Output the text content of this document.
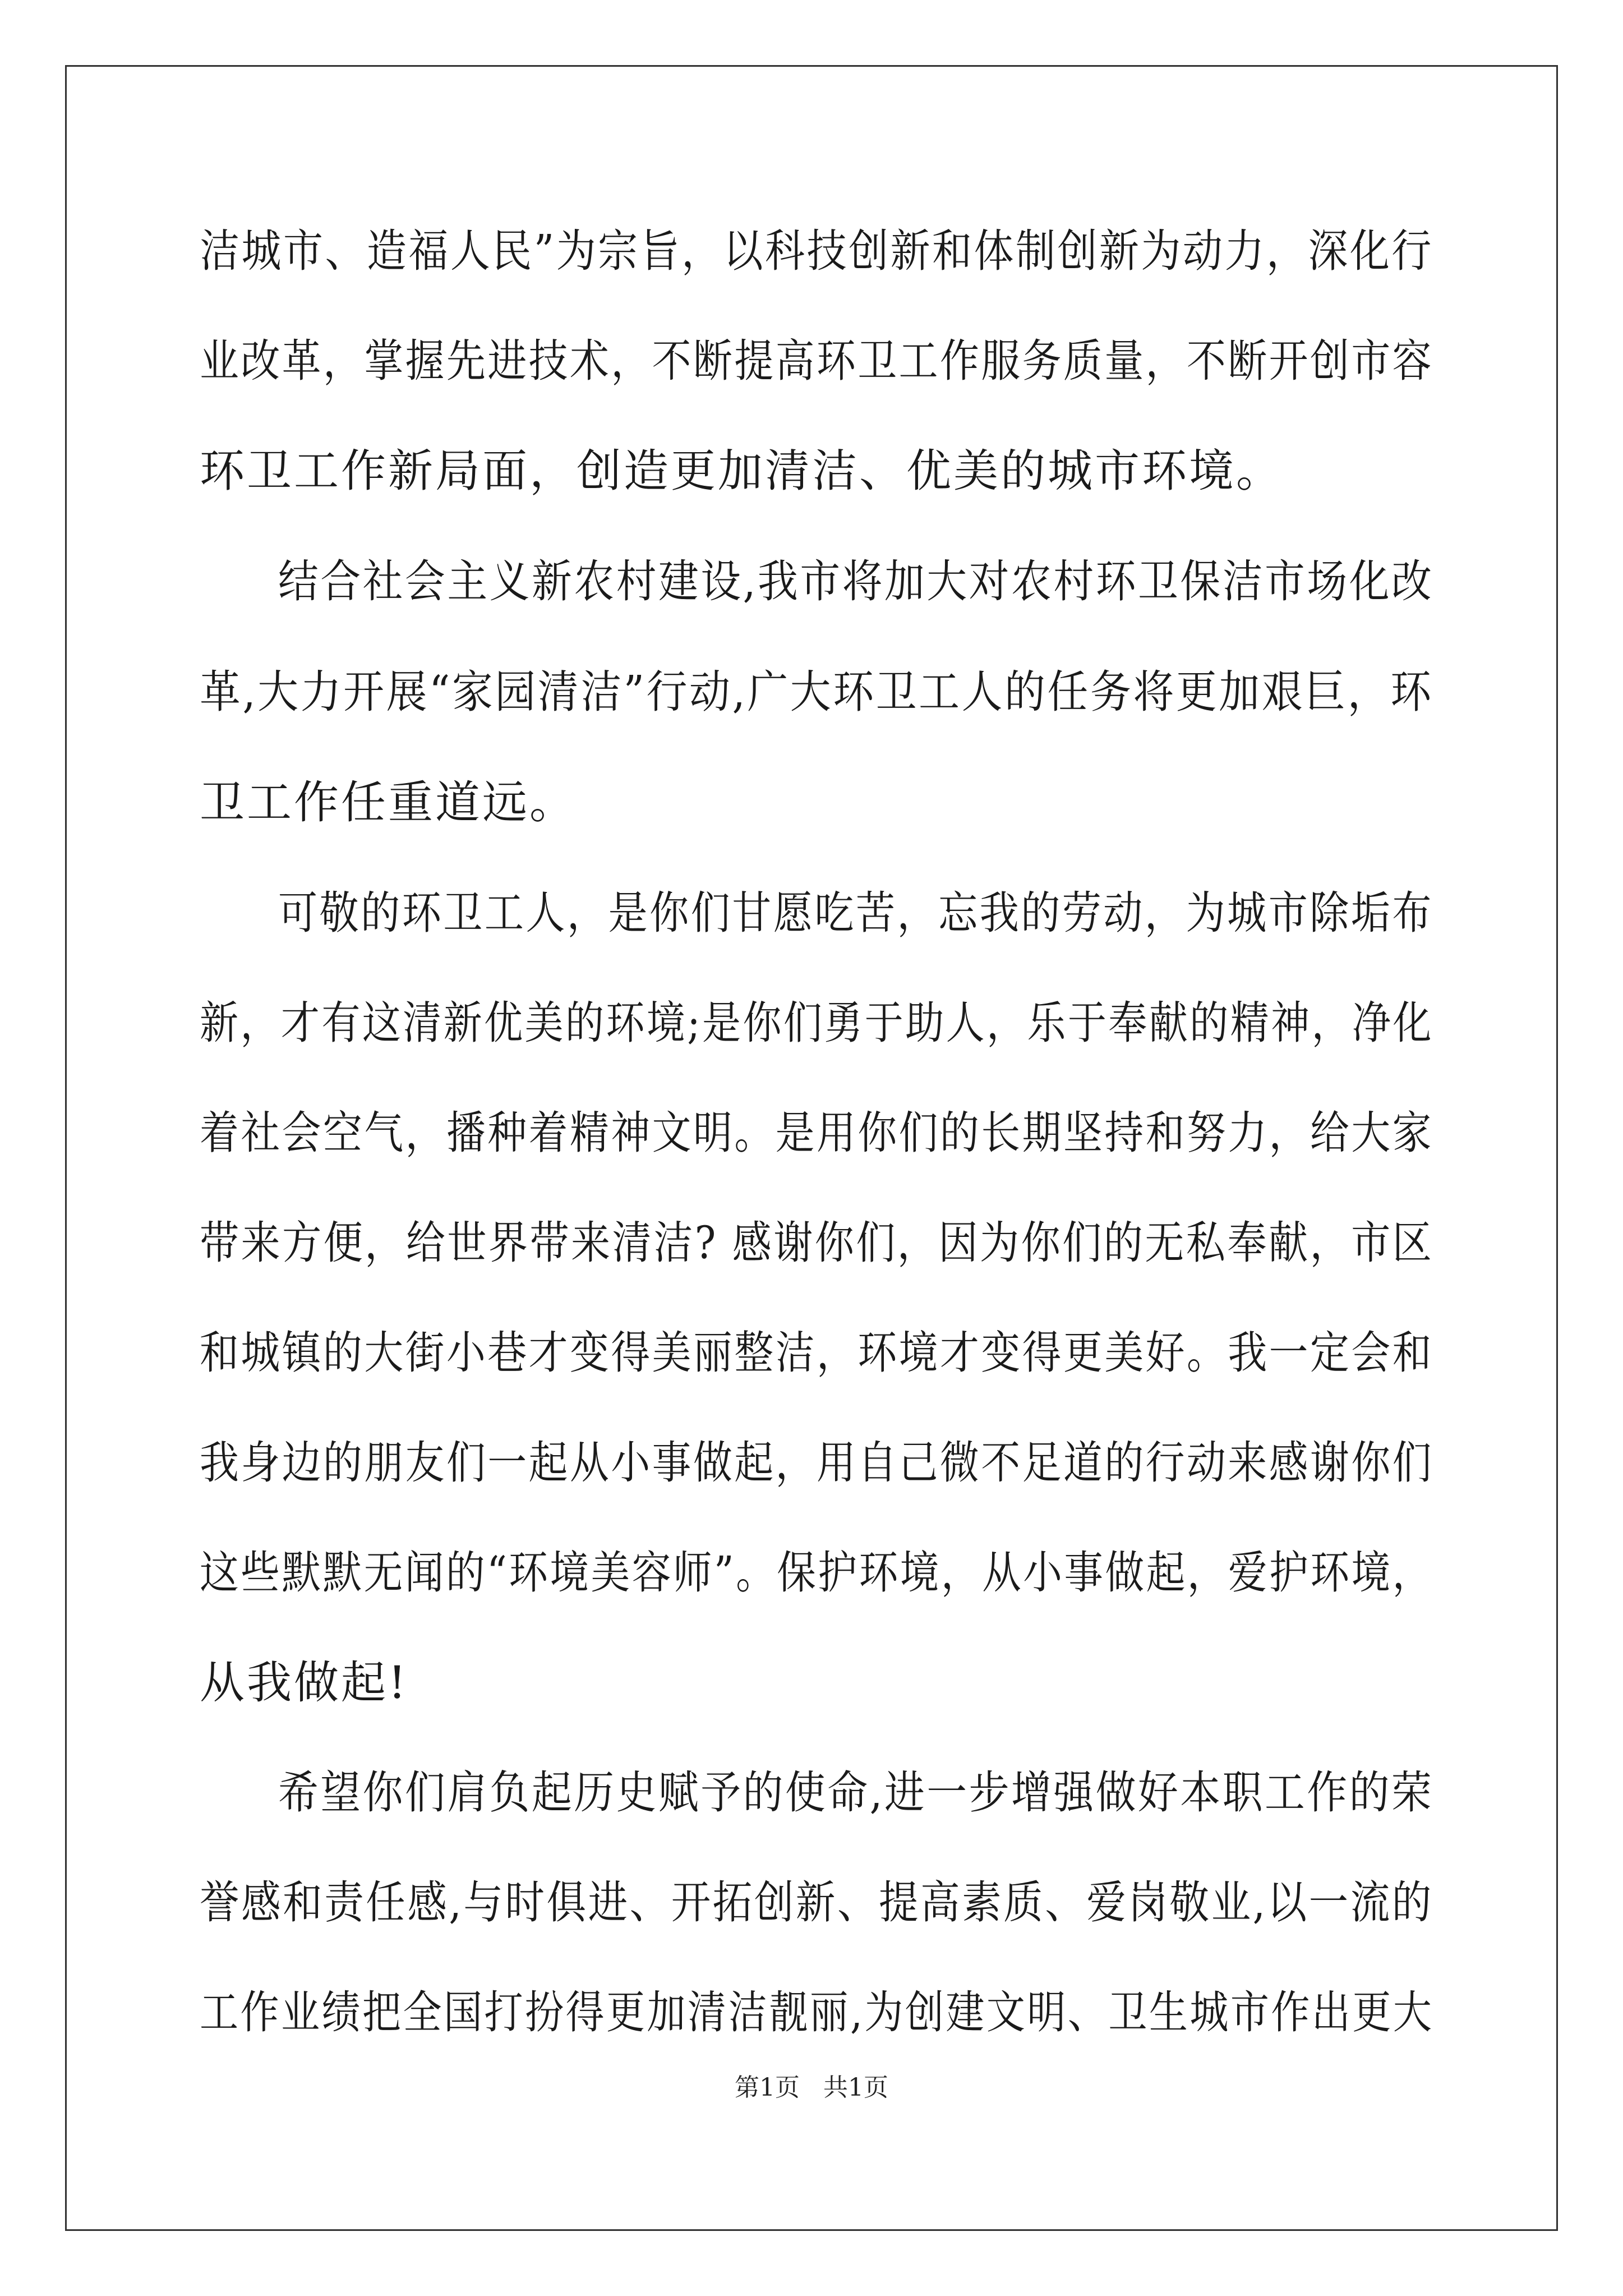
洁城市、造福人民”为宗旨，以科技创新和体制创新为动力，深化行
业改革，掌握先进技术，不断提高环卫工作服务质量，不断开创市容
环卫工作新局面，创造更加清洁、优美的城市环境。
结合社会主义新农村建设,我市将加大对农村环卫保洁市场化改
革,大力开展“家园清洁”行动,广大环卫工人的任务将更加艰巨，环
卫工作任重道远。
可敬的环卫工人，是你们甘愿吃苦，忘我的劳动，为城市除垢布
新，才有这清新优美的环境;是你们勇于助人，乐于奉献的精神，净化
着社会空气，播种着精神文明。是用你们的长期坚持和努力，给大家
带来方便，给世界带来清洁? 感谢你们，因为你们的无私奉献，市区
和城镇的大街小巷才变得美丽整洁，环境才变得更美好。我一定会和
我身边的朋友们一起从小事做起，用自己微不足道的行动来感谢你们
这些默默无闻的“环境美容师”。保护环境，从小事做起，爱护环境，
从我做起!
希望你们肩负起历史赋予的使命,进一步增强做好本职工作的荣
誉感和责任感,与时俱进、开拓创新、提高素质、爱岗敬业,以一流的
工作业绩把全国打扮得更加清洁靓丽,为创建文明、卫生城市作出更大
第1页   共1页
